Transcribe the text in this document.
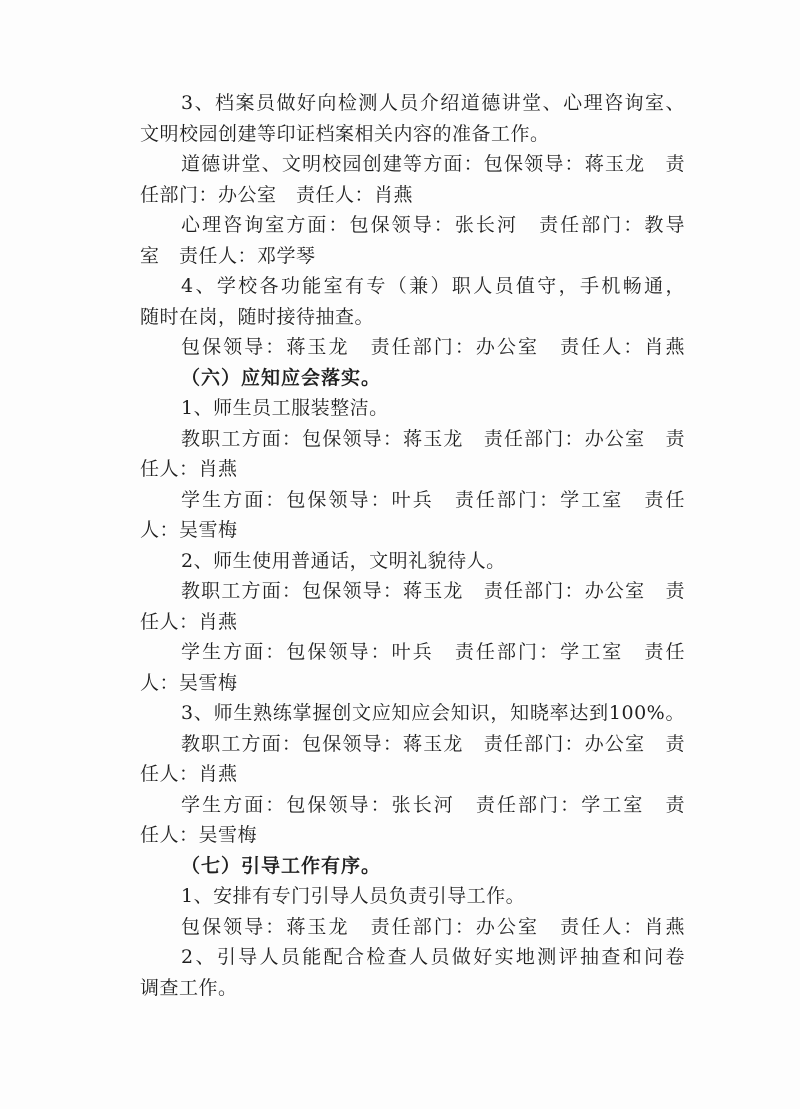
3、档案员做好向检测人员介绍道德讲堂、心理咨询室、
文明校园创建等印证档案相关内容的准备工作。
道德讲堂、文明校园创建等方面：包保领导：蒋玉龙　责
任部门：办公室　责任人：肖燕
心理咨询室方面：包保领导：张长河　责任部门：教导
室　责任人：邓学琴
4、学校各功能室有专（兼）职人员值守，手机畅通，
随时在岗，随时接待抽查。
包保领导：蒋玉龙　责任部门：办公室　责任人：肖燕
（六）应知应会落实。
1、师生员工服装整洁。
教职工方面：包保领导：蒋玉龙　责任部门：办公室　责
任人：肖燕
学生方面：包保领导：叶兵　责任部门：学工室　责任
人：吴雪梅
2、师生使用普通话，文明礼貌待人。
教职工方面：包保领导：蒋玉龙　责任部门：办公室　责
任人：肖燕
学生方面：包保领导：叶兵　责任部门：学工室　责任
人：吴雪梅
3、师生熟练掌握创文应知应会知识，知晓率达到100%。
教职工方面：包保领导：蒋玉龙　责任部门：办公室　责
任人：肖燕
学生方面：包保领导：张长河　责任部门：学工室　责
任人：吴雪梅
（七）引导工作有序。
1、安排有专门引导人员负责引导工作。
包保领导：蒋玉龙　责任部门：办公室　责任人：肖燕
2、引导人员能配合检查人员做好实地测评抽查和问卷
调查工作。
